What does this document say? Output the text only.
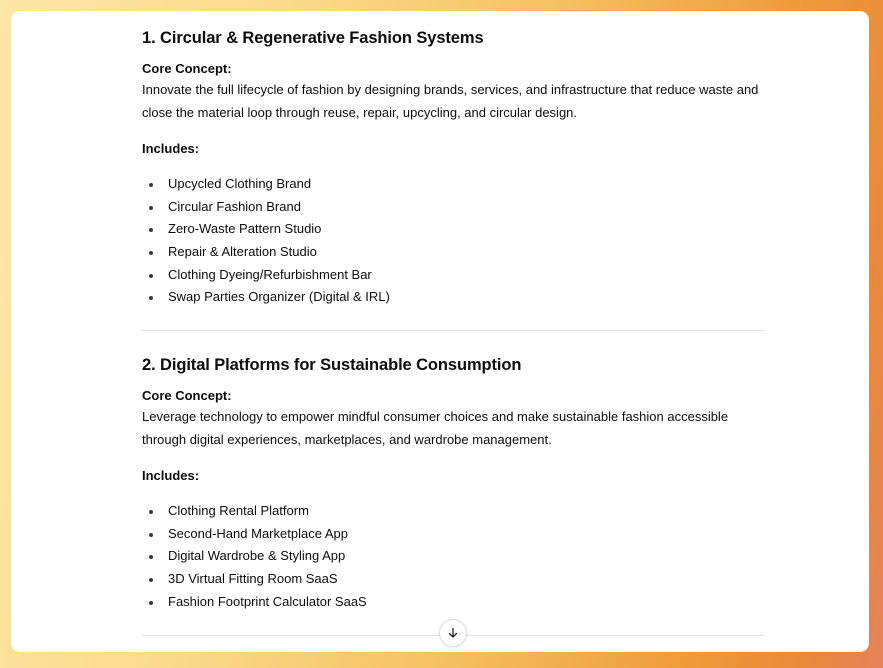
1. Circular & Regenerative Fashion Systems
Core Concept:
Innovate the full lifecycle of fashion by designing brands, services, and infrastructure that reduce waste and close the material loop through reuse, repair, upcycling, and circular design.
Includes:
Upcycled Clothing Brand
Circular Fashion Brand
Zero-Waste Pattern Studio
Repair & Alteration Studio
Clothing Dyeing/Refurbishment Bar
Swap Parties Organizer (Digital & IRL)
2. Digital Platforms for Sustainable Consumption
Core Concept:
Leverage technology to empower mindful consumer choices and make sustainable fashion accessible through digital experiences, marketplaces, and wardrobe management.
Includes:
Clothing Rental Platform
Second-Hand Marketplace App
Digital Wardrobe & Styling App
3D Virtual Fitting Room SaaS
Fashion Footprint Calculator SaaS
